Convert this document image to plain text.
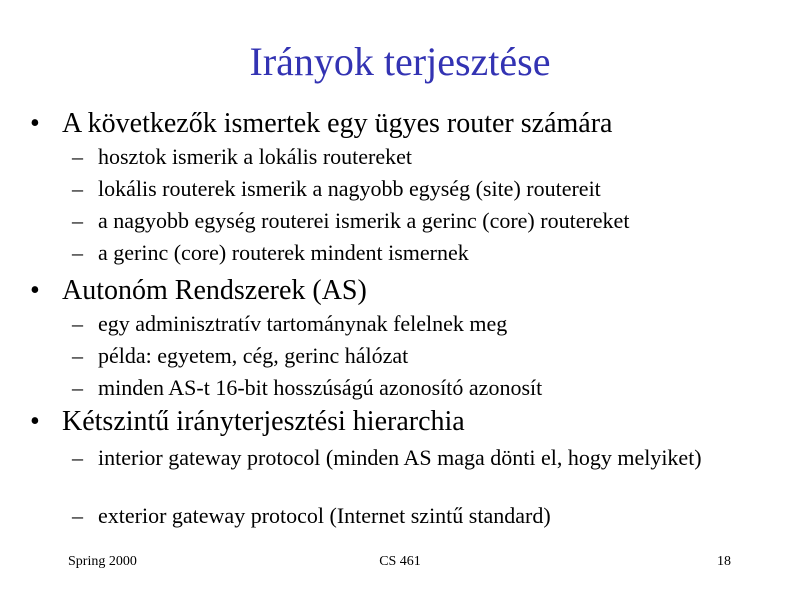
Irányok terjesztése
• A következők ismertek egy ügyes router számára
– hosztok ismerik a lokális routereket
– lokális routerek ismerik a nagyobb egység (site) routereit
– a nagyobb egység routerei ismerik a gerinc (core) routereket
– a gerinc (core) routerek mindent ismernek
• Autonóm Rendszerek (AS)
– egy adminisztratív tartománynak felelnek meg
– példa: egyetem, cég, gerinc hálózat
– minden AS-t 16-bit hosszúságú azonosító azonosít
• Kétszintű irányterjesztési hierarchia
– interior gateway protocol (minden AS maga dönti el, hogy melyiket)
– exterior gateway protocol (Internet szintű standard)
Spring 2000	CS 461	18
